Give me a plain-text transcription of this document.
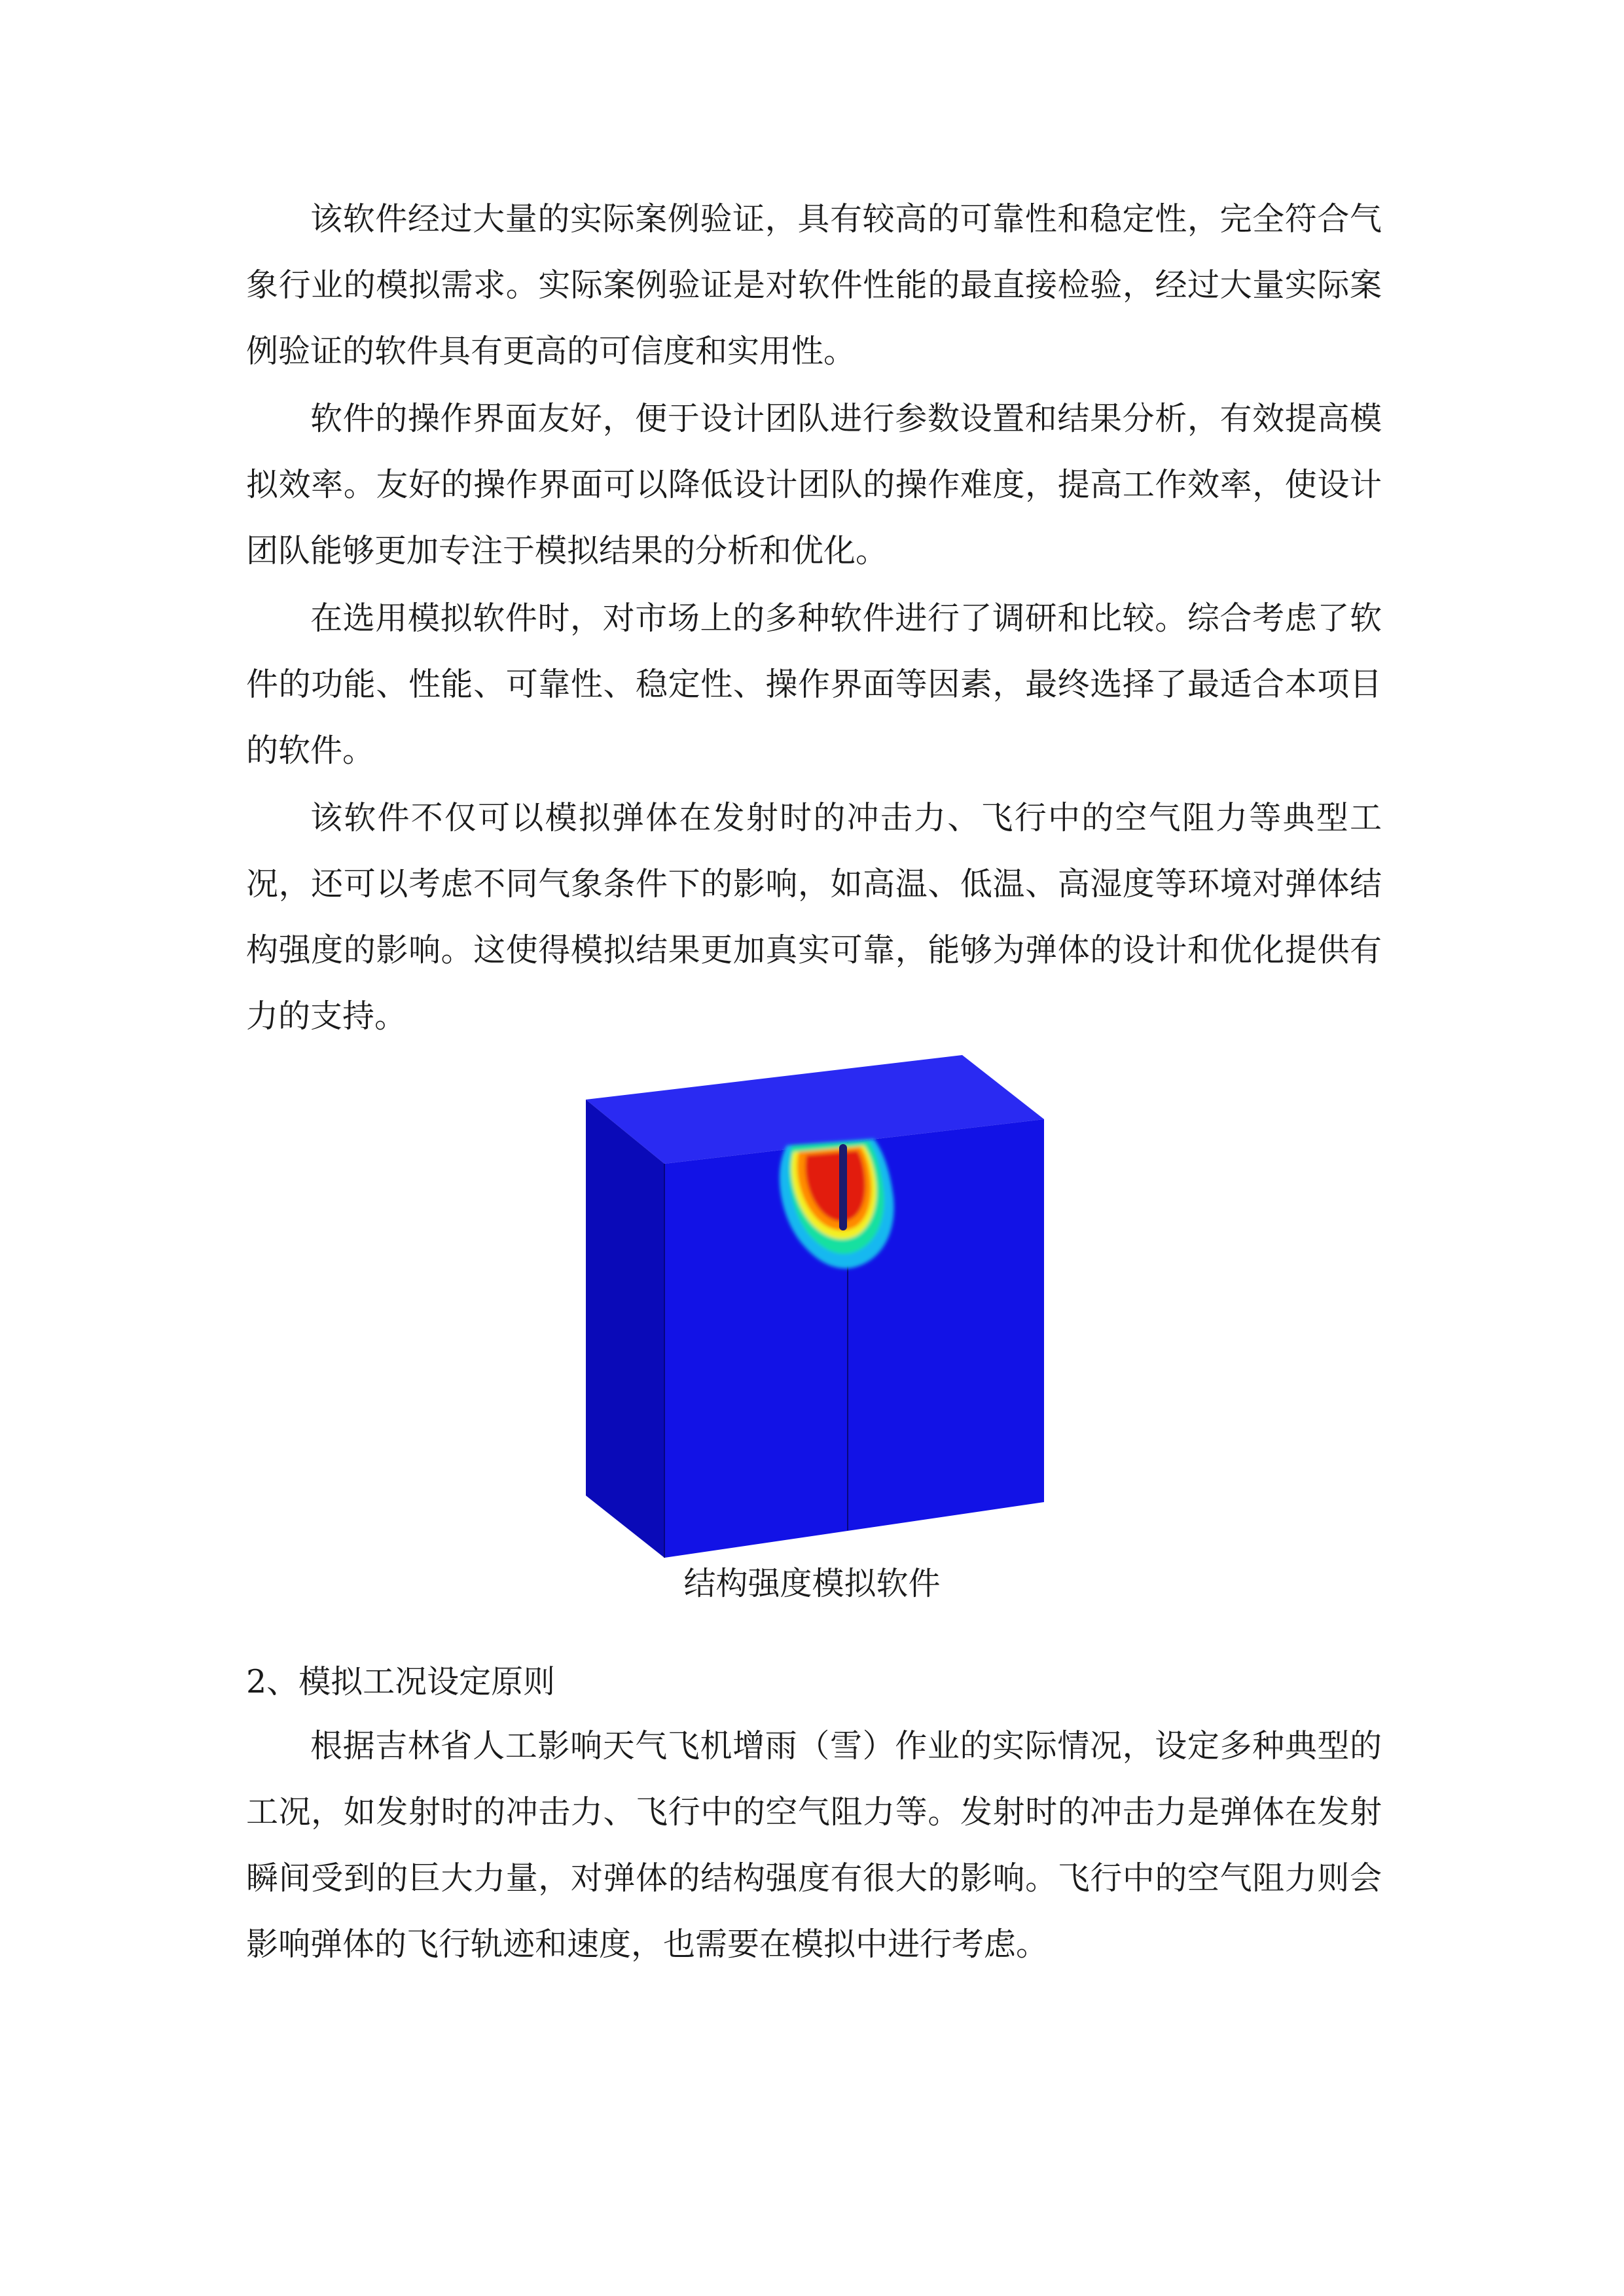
该软件经过大量的实际案例验证，具有较高的可靠性和稳定性，完全符合气象行业的模拟需求。实际案例验证是对软件性能的最直接检验，经过大量实际案例验证的软件具有更高的可信度和实用性。

软件的操作界面友好，便于设计团队进行参数设置和结果分析，有效提高模拟效率。友好的操作界面可以降低设计团队的操作难度，提高工作效率，使设计团队能够更加专注于模拟结果的分析和优化。

在选用模拟软件时，对市场上的多种软件进行了调研和比较。综合考虑了软件的功能、性能、可靠性、稳定性、操作界面等因素，最终选择了最适合本项目的软件。

该软件不仅可以模拟弹体在发射时的冲击力、飞行中的空气阻力等典型工况，还可以考虑不同气象条件下的影响，如高温、低温、高湿度等环境对弹体结构强度的影响。这使得模拟结果更加真实可靠，能够为弹体的设计和优化提供有力的支持。

结构强度模拟软件

2、模拟工况设定原则

根据吉林省人工影响天气飞机增雨（雪）作业的实际情况，设定多种典型的工况，如发射时的冲击力、飞行中的空气阻力等。发射时的冲击力是弹体在发射瞬间受到的巨大力量，对弹体的结构强度有很大的影响。飞行中的空气阻力则会影响弹体的飞行轨迹和速度，也需要在模拟中进行考虑。
